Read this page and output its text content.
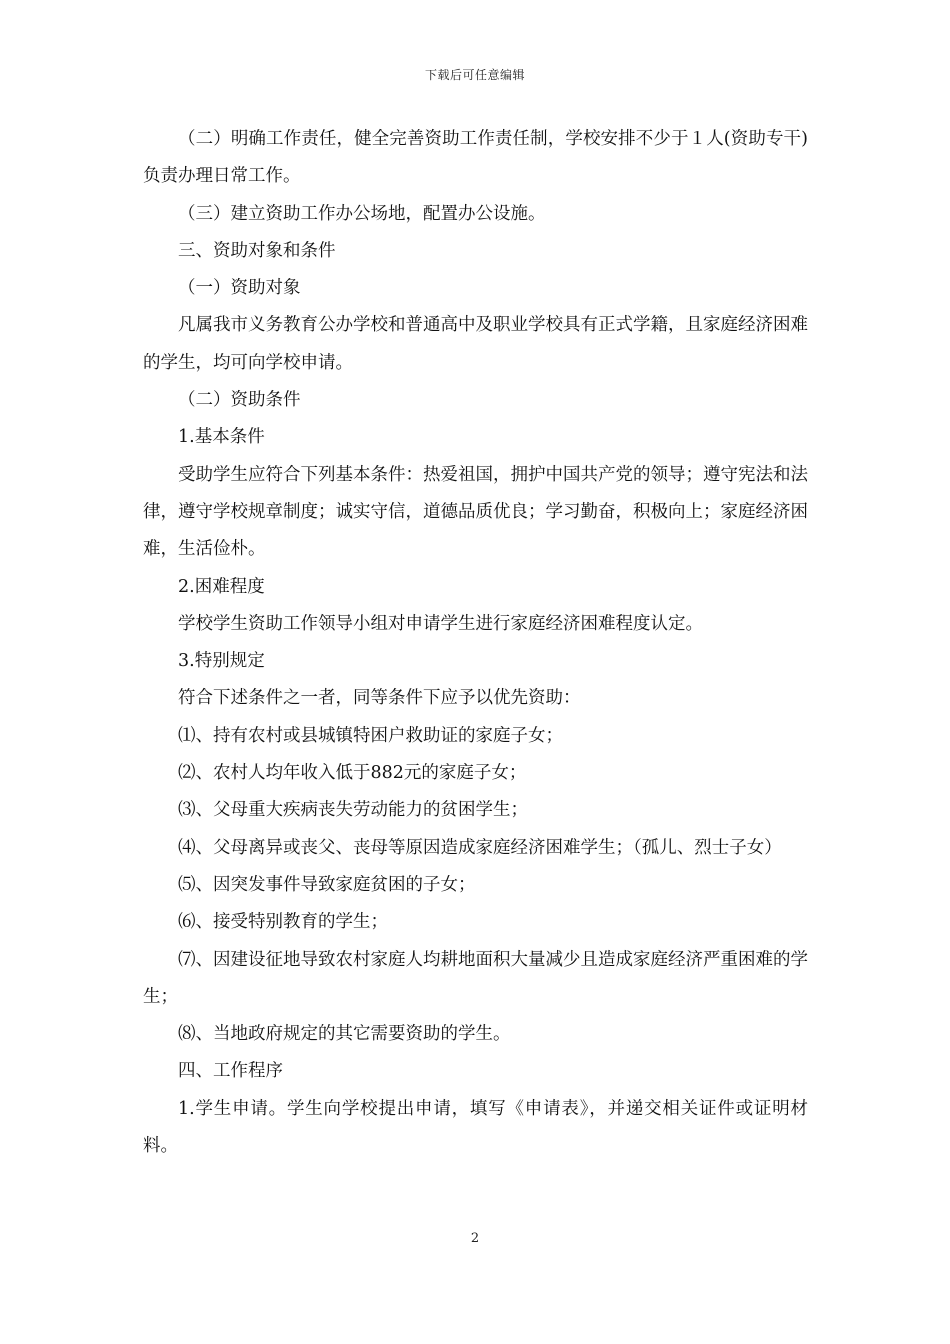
下载后可任意编辑

（二）明确工作责任，健全完善资助工作责任制，学校安排不少于１人(资助专干)负责办理日常工作。

（三）建立资助工作办公场地，配置办公设施。

三、资助对象和条件

（一）资助对象

凡属我市义务教育公办学校和普通高中及职业学校具有正式学籍，且家庭经济困难的学生，均可向学校申请。

（二）资助条件

1.基本条件

受助学生应符合下列基本条件：热爱祖国，拥护中国共产党的领导；遵守宪法和法律，遵守学校规章制度；诚实守信，道德品质优良；学习勤奋，积极向上；家庭经济困难，生活俭朴。

2.困难程度

学校学生资助工作领导小组对申请学生进行家庭经济困难程度认定。

3.特别规定

符合下述条件之一者，同等条件下应予以优先资助：

⑴、持有农村或县城镇特困户救助证的家庭子女；

⑵、农村人均年收入低于882元的家庭子女；

⑶、父母重大疾病丧失劳动能力的贫困学生；

⑷、父母离异或丧父、丧母等原因造成家庭经济困难学生；（孤儿、烈士子女）

⑸、因突发事件导致家庭贫困的子女；

⑹、接受特别教育的学生；

⑺、因建设征地导致农村家庭人均耕地面积大量减少且造成家庭经济严重困难的学生；

⑻、当地政府规定的其它需要资助的学生。

四、工作程序

1.学生申请。学生向学校提出申请，填写《申请表》，并递交相关证件或证明材料。

2
